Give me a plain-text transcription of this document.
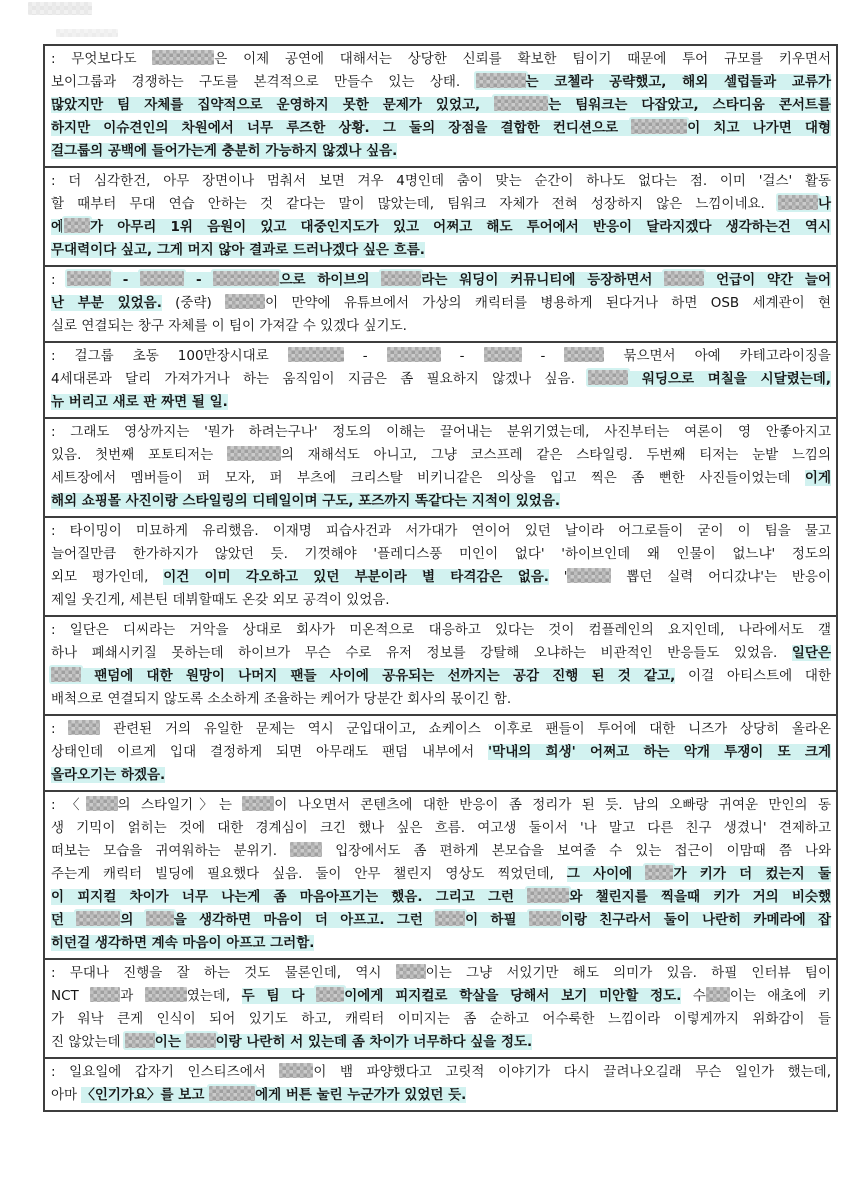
: 무엇보다도	은 이제 공연에 대해서는 상당한 신뢰를 확보한 팀이기 때문에 투어 규모를 키우면서
보이그룹과 경쟁하는 구도를 본격적으로 만들수 있는 상태.	는 코첼라 공략했고, 해외 셀럽들과 교류가
많았지만 팀 자체를 집약적으로 운영하지 못한 문제가 있었고,	는 팀워크는 다잡았고, 스타디움 콘서트를
하지만 이슈견인의 차원에서 너무 루즈한 상황. 그 둘의 장점을 결합한 컨디션으로	이 치고 나가면 대형
걸그룹의 공백에 들어가는게 충분히 가능하지 않겠나 싶음.
: 더 심각한건, 아무 장면이나 멈춰서 보면 겨우 4명인데 춤이 맞는 순간이 하나도 없다는 점. 이미 '걸스' 활동
할 때부터 무대 연습 안하는 것 같다는 말이 많았는데, 팀워크 자체가 전혀 성장하지 않은 느낌이네요.	나
에 가 아무리 1위 음원이 있고 대중인지도가 있고 어쩌고 해도 투어에서 반응이 달라지겠다 생각하는건 역시
무대력이다 싶고, 그게 머지 않아 결과로 드러나겠다 싶은 흐름.
:	-	-	으로 하이브의	라는 워딩이 커뮤니티에 등장하면서	언급이 약간 늘어
난 부분 있었음. (중략)	이 만약에 유튜브에서 가상의 캐릭터를 병용하게 된다거나 하면 OSB 세계관이 현
실로 연결되는 창구 자체를 이 팀이 가져갈 수 있겠다 싶기도.
: 걸그룹 초동 100만장시대로	-	-	-	묶으면서 아예 카테고라이징을
4세대론과 달리 가져가거나 하는 움직임이 지금은 좀 필요하지 않겠나 싶음.	워딩으로 며칠을 시달렸는데,
뉴 버리고 새로 판 짜면 될 일.
: 그래도 영상까지는 '뭔가 하려는구나' 정도의 이해는 끌어내는 분위기였는데, 사진부터는 여론이 영 안좋아지고
있음. 첫번째 포토티저는	의 재해석도 아니고, 그냥 코스프레 같은 스타일링. 두번째 티저는 눈밭 느낌의
세트장에서 멤버들이 퍼 모자, 퍼 부츠에 크리스탈 비키니같은 의상을 입고 찍은 좀 뻔한 사진들이었는데 이게
해외 쇼핑몰 사진이랑 스타일링의 디테일이며 구도, 포즈까지 똑같다는 지적이 있었음.
: 타이밍이 미묘하게 유리했음. 이재명 피습사건과 서가대가 연이어 있던 날이라 어그로들이 굳이 이 팀을 물고
늘어질만큼 한가하지가 않았던 듯. 기껏해야 '플레디스풍 미인이 없다' '하이브인데 왜 인물이 없느냐' 정도의
외모 평가인데, 이건 이미 각오하고 있던 부분이라 별 타격감은 없음. '	뽑던 실력 어디갔냐'는 반응이
제일 웃긴게, 세븐틴 데뷔할때도 온갖 외모 공격이 있었음.
: 일단은 디씨라는 거악을 상대로 회사가 미온적으로 대응하고 있다는 것이 컴플레인의 요지인데, 나라에서도 갤
하나 폐쇄시키질 못하는데 하이브가 무슨 수로 유저 정보를 강탈해 오냐하는 비관적인 반응들도 있었음. 일단은
팬덤에 대한 원망이 나머지 팬들 사이에 공유되는 선까지는 공감 진행 된 것 같고, 이걸 아티스트에 대한
배척으로 연결되지 않도록 소소하게 조율하는 케어가 당분간 회사의 몫이긴 함.
:  관련된 거의 유일한 문제는 역시 군입대이고, 쇼케이스 이후로 팬들이 투어에 대한 니즈가 상당히 올라온
상태인데 이르게 입대 결정하게 되면 아무래도 팬덤 내부에서 '막내의 희생' 어쩌고 하는 악개 투쟁이 또 크게
올라오기는 하겠음.
: 〈 의 스타일기〉는 이 나오면서 콘텐츠에 대한 반응이 좀 정리가 된 듯. 남의 오빠랑 귀여운 만인의 동
생 기믹이 얽히는 것에 대한 경계심이 크긴 했나 싶은 흐름. 여고생 둘이서 '나 말고 다른 친구 생겼니' 견제하고
떠보는 모습을 귀여워하는 분위기.  입장에서도 좀 편하게 본모습을 보여줄 수 있는 접근이 이맘때 쯤 나와
주는게 캐릭터 빌딩에 필요했다 싶음. 둘이 안무 챌린지 영상도 찍었던데, 그 사이에 가 키가 더 컸는지 둘
이 피지컬 차이가 너무 나는게 좀 마음아프기는 했음. 그리고 그런	와 챌린지를 찍을때 키가 거의 비슷했
던	의 을 생각하면 마음이 더 아프고. 그런 이 하필 이랑 친구라서 둘이 나란히 카메라에 잡
히던걸 생각하면 계속 마음이 아프고 그러함.
: 무대나 진행을 잘 하는 것도 물론인데, 역시 이는 그냥 서있기만 해도 의미가 있음. 하필 인터뷰 팀이
NCT 과	였는데, 두 팀 다 이에게 피지컬로 학살을 당해서 보기 미안할 정도. 수 이는 애초에 키
가 워낙 큰게 인식이 되어 있기도 하고, 캐릭터 이미지는 좀 순하고 어수룩한 느낌이라 이렇게까지 위화감이 들
진 않았는데 이는 이랑 나란히 서 있는데 좀 차이가 너무하다 싶을 정도.
: 일요일에 갑자기 인스티즈에서	이 뱀 파양했다고 고릿적 이야기가 다시 끌려나오길래 무슨 일인가 했는데,
아마 〈인기가요〉를 보고	에게 버튼 눌린 누군가가 있었던 듯.
